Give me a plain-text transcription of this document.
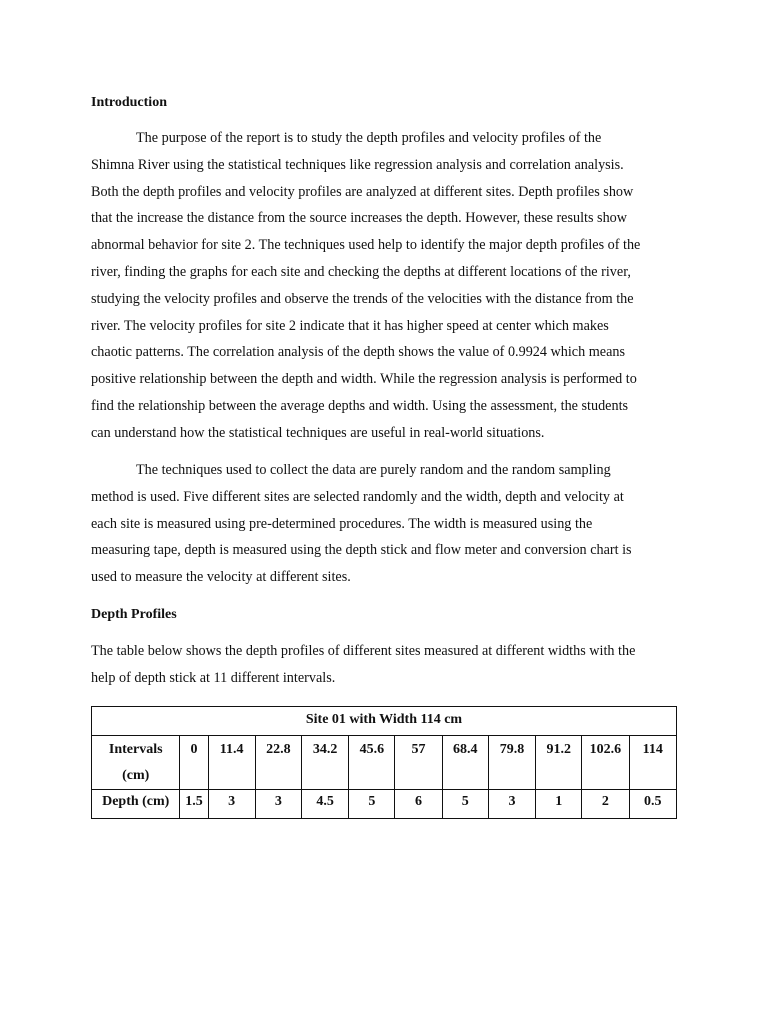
Introduction
The purpose of the report is to study the depth profiles and velocity profiles of the
Shimna River using the statistical techniques like regression analysis and correlation analysis.
Both the depth profiles and velocity profiles are analyzed at different sites. Depth profiles show
that the increase the distance from the source increases the depth. However, these results show
abnormal behavior for site 2. The techniques used help to identify the major depth profiles of the
river, finding the graphs for each site and checking the depths at different locations of the river,
studying the velocity profiles and observe the trends of the velocities with the distance from the
river. The velocity profiles for site 2 indicate that it has higher speed at center which makes
chaotic patterns. The correlation analysis of the depth shows the value of 0.9924 which means
positive relationship between the depth and width. While the regression analysis is performed to
find the relationship between the average depths and width. Using the assessment, the students
can understand how the statistical techniques are useful in real-world situations.
The techniques used to collect the data are purely random and the random sampling
method is used. Five different sites are selected randomly and the width, depth and velocity at
each site is measured using pre-determined procedures. The width is measured using the
measuring tape, depth is measured using the depth stick and flow meter and conversion chart is
used to measure the velocity at different sites.
Depth Profiles
The table below shows the depth profiles of different sites measured at different widths with the
help of depth stick at 11 different intervals.
Site 01 with Width 114 cm											
Intervals
(cm)	0	11.4	22.8	34.2	45.6	57	68.4	79.8	91.2	102.6	114
Depth (cm)	1.5	3	3	4.5	5	6	5	3	1	2	0.5
